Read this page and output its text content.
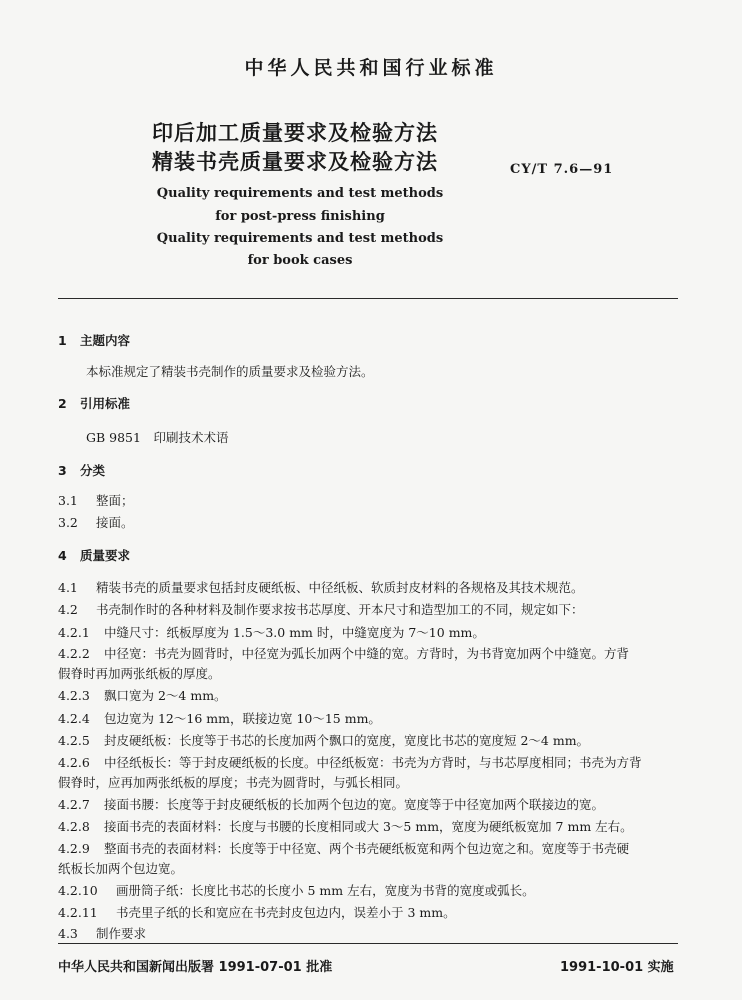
中华人民共和国行业标准
印后加工质量要求及检验方法
精装书壳质量要求及检验方法	CY/T 7.6—91
Quality requirements and test methods
for post-press finishing
Quality requirements and test methods
for book cases
1 主题内容
本标准规定了精装书壳制作的质量要求及检验方法。
2 引用标准
GB 9851　印刷技术术语
3 分类
3.1 整面；
3.2 接面。
4 质量要求
4.1 精装书壳的质量要求包括封皮硬纸板、中径纸板、软质封皮材料的各规格及其技术规范。
4.2 书壳制作时的各种材料及制作要求按书芯厚度、开本尺寸和造型加工的不同，规定如下：
4.2.1 中缝尺寸：纸板厚度为 1.5～3.0 mm 时，中缝宽度为 7～10 mm。
4.2.2 中径宽：书壳为圆背时，中径宽为弧长加两个中缝的宽。方背时，为书背宽加两个中缝宽。方背
假脊时再加两张纸板的厚度。
4.2.3 飘口宽为 2～4 mm。
4.2.4 包边宽为 12～16 mm，联接边宽 10～15 mm。
4.2.5 封皮硬纸板：长度等于书芯的长度加两个飘口的宽度，宽度比书芯的宽度短 2～4 mm。
4.2.6 中径纸板长：等于封皮硬纸板的长度。中径纸板宽：书壳为方背时，与书芯厚度相同；书壳为方背
假脊时，应再加两张纸板的厚度；书壳为圆背时，与弧长相同。
4.2.7 接面书腰：长度等于封皮硬纸板的长加两个包边的宽。宽度等于中径宽加两个联接边的宽。
4.2.8 接面书壳的表面材料：长度与书腰的长度相同或大 3～5 mm，宽度为硬纸板宽加 7 mm 左右。
4.2.9 整面书壳的表面材料：长度等于中径宽、两个书壳硬纸板宽和两个包边宽之和。宽度等于书壳硬
纸板长加两个包边宽。
4.2.10 画册筒子纸：长度比书芯的长度小 5 mm 左右，宽度为书背的宽度或弧长。
4.2.11 书壳里子纸的长和宽应在书壳封皮包边内，误差小于 3 mm。
4.3 制作要求
中华人民共和国新闻出版署 1991-07-01 批准	1991-10-01 实施
